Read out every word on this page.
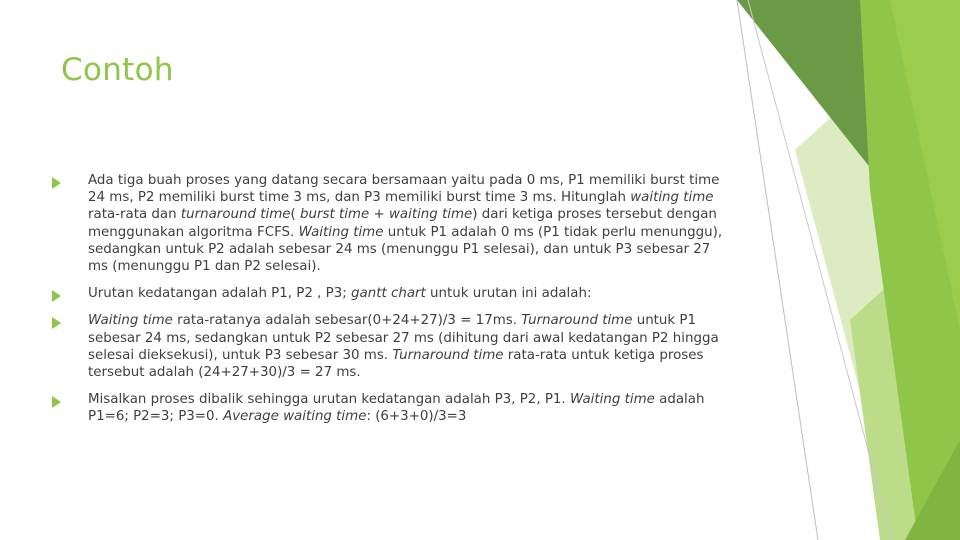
Contoh
Ada tiga buah proses yang datang secara bersamaan yaitu pada 0 ms, P1 memiliki burst time 24 ms, P2 memiliki burst time 3 ms, dan P3 memiliki burst time 3 ms. Hitunglah waiting time rata-rata dan turnaround time( burst time + waiting time) dari ketiga proses tersebut dengan menggunakan algoritma FCFS. Waiting time untuk P1 adalah 0 ms (P1 tidak perlu menunggu), sedangkan untuk P2 adalah sebesar 24 ms (menunggu P1 selesai), dan untuk P3 sebesar 27 ms (menunggu P1 dan P2 selesai).
Urutan kedatangan adalah P1, P2 , P3; gantt chart untuk urutan ini adalah:
Waiting time rata-ratanya adalah sebesar(0+24+27)/3 = 17ms. Turnaround time untuk P1 sebesar 24 ms, sedangkan untuk P2 sebesar 27 ms (dihitung dari awal kedatangan P2 hingga selesai dieksekusi), untuk P3 sebesar 30 ms. Turnaround time rata-rata untuk ketiga proses tersebut adalah (24+27+30)/3 = 27 ms.
Misalkan proses dibalik sehingga urutan kedatangan adalah P3, P2, P1. Waiting time adalah P1=6; P2=3; P3=0. Average waiting time: (6+3+0)/3=3
